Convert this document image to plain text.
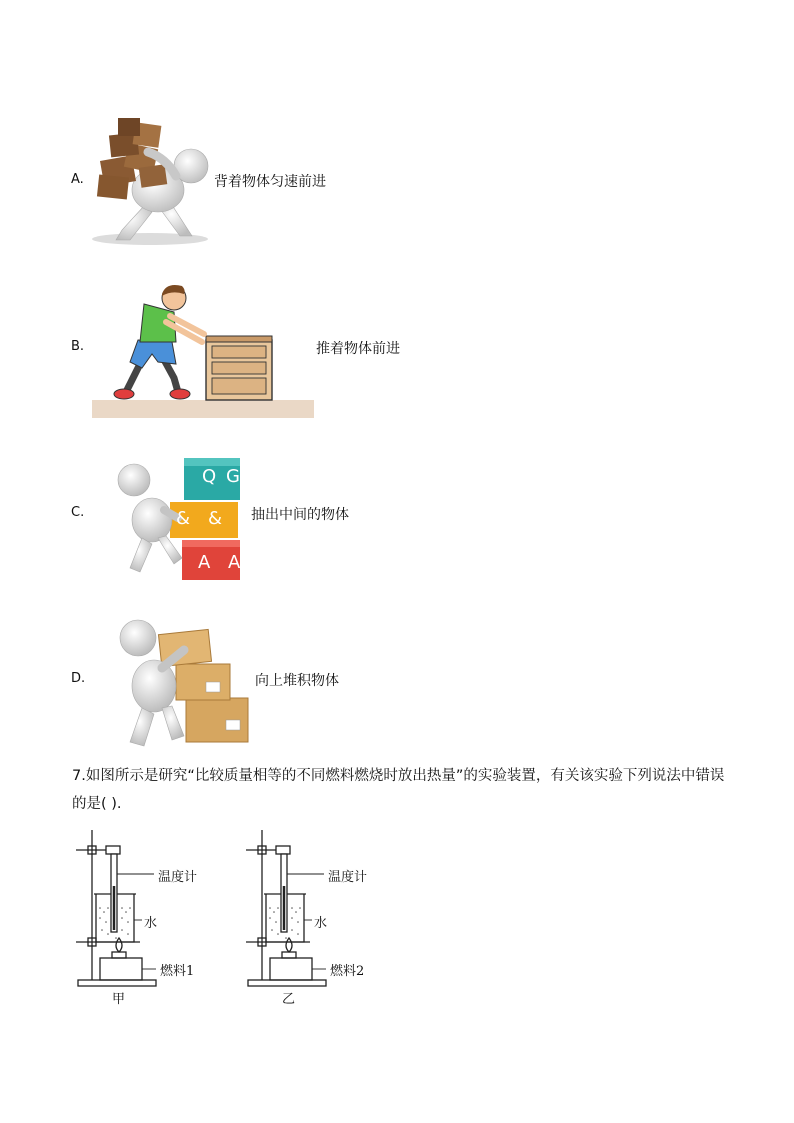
A.	背着物体匀速前进
B.	推着物体前进
C.
Q G
& &
A A
抽出中间的物体
D.	向上堆积物体
7.如图所示是研究“比较质量相等的不同燃料燃烧时放出热量”的实验装置，有关该实验下列说法中错误
的是( ).
温度计
水
燃料1
甲
温度计
水
燃料2
乙
